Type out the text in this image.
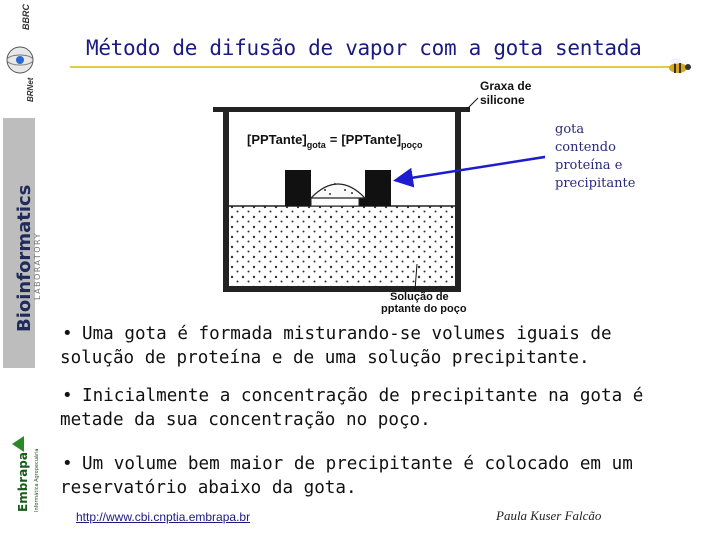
BBRC
BRNet
Bioinformatics
LABORATORY
Embrapa Informática Agropecuária
Método de difusão de vapor com a gota sentada
Graxa de
silicone
$[PPTante]_{gota}$ = $[PPTante]_{poço}$
Solução de
pptante do poço
gota
contendo
proteína e
precipitante
• Uma gota é formada misturando-se volumes iguais de
solução de proteína e de uma solução precipitante.
• Inicialmente a concentração de precipitante na gota é
metade da sua concentração no poço.
• Um volume bem maior de precipitante é colocado em um
reservatório abaixo da gota.
http://www.cbi.cnptia.embrapa.br	Paula Kuser Falcão
